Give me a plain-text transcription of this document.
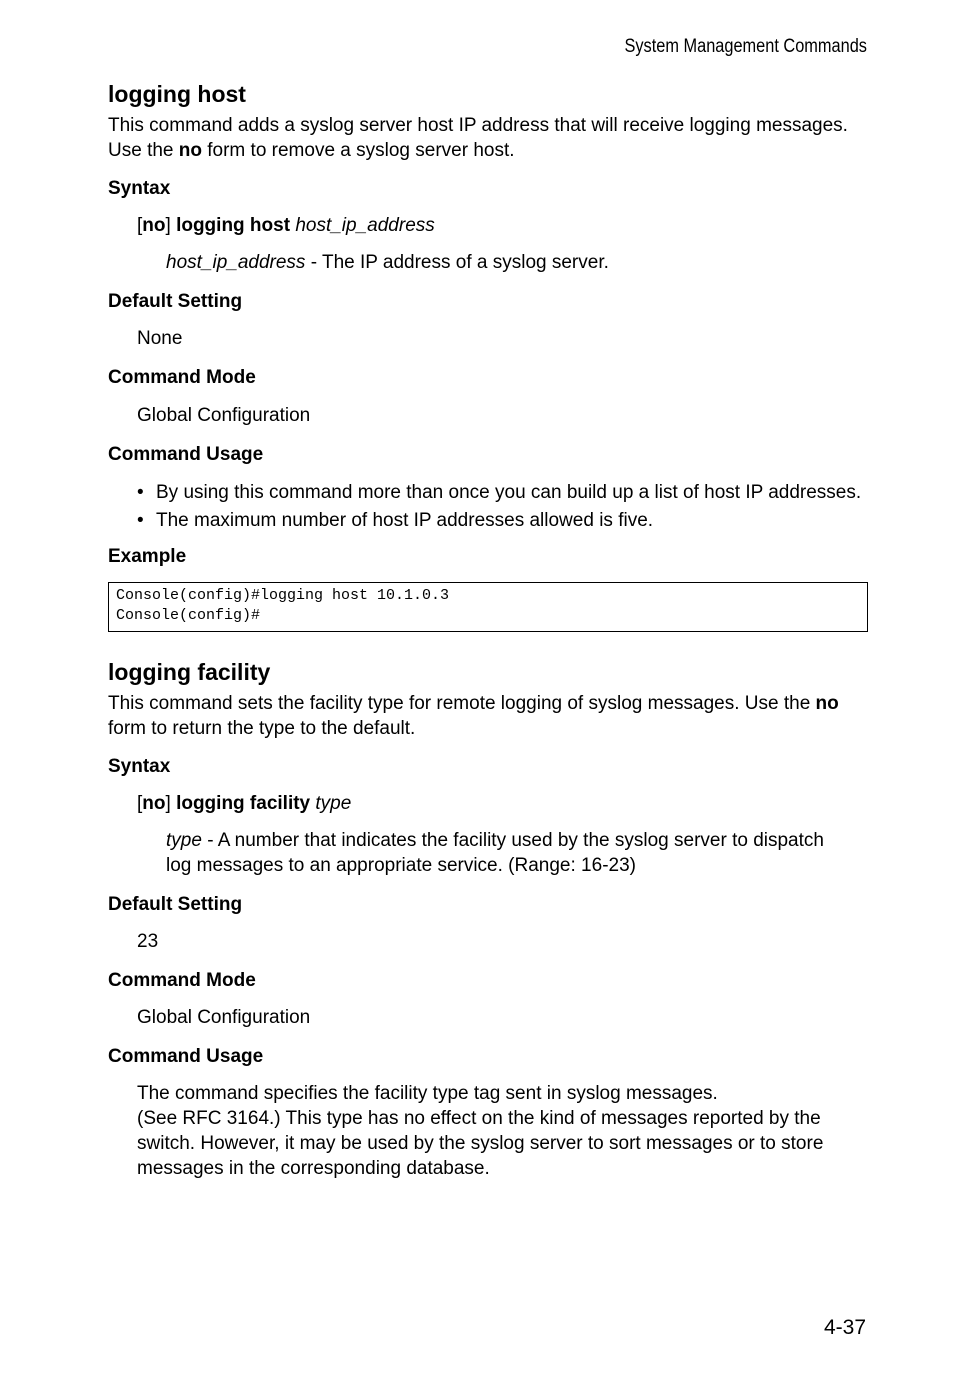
System Management Commands
logging host

This command adds a syslog server host IP address that will receive logging messages. Use the no form to remove a syslog server host.

Syntax
[no] logging host host_ip_address
host_ip_address - The IP address of a syslog server.
Default Setting
None
Command Mode
Global Configuration
Command Usage
• By using this command more than once you can build up a list of host IP addresses.
• The maximum number of host IP addresses allowed is five.
Example
Console(config)#logging host 10.1.0.3
Console(config)#
logging facility

This command sets the facility type for remote logging of syslog messages. Use the no form to return the type to the default.

Syntax
[no] logging facility type
type - A number that indicates the facility used by the syslog server to dispatch log messages to an appropriate service. (Range: 16-23)
Default Setting
23
Command Mode
Global Configuration
Command Usage
The command specifies the facility type tag sent in syslog messages.
(See RFC 3164.) This type has no effect on the kind of messages reported by the switch. However, it may be used by the syslog server to sort messages or to store messages in the corresponding database.
4-37
